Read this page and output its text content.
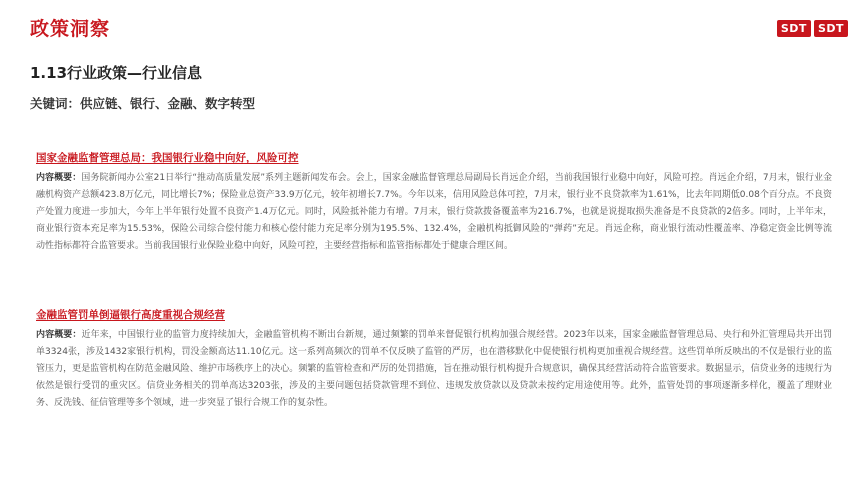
政策洞察	SDT	SDT
1.13行业政策—行业信息
关键词：供应链、银行、金融、数字转型
国家金融监督管理总局：我国银行业稳中向好，风险可控

内容概要：国务院新闻办公室21日举行“推动高质量发展”系列主题新闻发布会。会上，国家金融监督管理总局副局长肖远企介绍，当前我国银行业稳中向好，风险可控。肖远企介绍，7月末，银行业金融机构资产总额423.8万亿元，同比增长7%；保险业总资产33.9万亿元，较年初增长7.7%。今年以来，信用风险总体可控，7月末，银行业不良贷款率为1.61%，比去年同期低0.08个百分点。不良资产处置力度进一步加大，今年上半年银行处置不良资产1.4万亿元。同时，风险抵补能力有增。7月末，银行贷款拨备覆盖率为216.7%，也就是说提取损失准备是不良贷款的2倍多。同时，上半年末，商业银行资本充足率为15.53%，保险公司综合偿付能力和核心偿付能力充足率分别为195.5%、132.4%，金融机构抵御风险的“弹药”充足。肖远企称，商业银行流动性覆盖率、净稳定资金比例等流动性指标都符合监管要求。当前我国银行业保险业稳中向好，风险可控，主要经营指标和监管指标都处于健康合理区间。

金融监管罚单倒逼银行高度重视合规经营

内容概要：近年来，中国银行业的监管力度持续加大，金融监管机构不断出台新规，通过频繁的罚单来督促银行机构加强合规经营。2023年以来，国家金融监督管理总局、央行和外汇管理局共开出罚单3324张，涉及1432家银行机构，罚没金额高达11.10亿元。这一系列高频次的罚单不仅反映了监管的严厉，也在潜移默化中促使银行机构更加重视合规经营。这些罚单所反映出的不仅是银行业的监管压力，更是监管机构在防范金融风险、维护市场秩序上的决心。频繁的监管检查和严厉的处罚措施，旨在推动银行机构提升合规意识，确保其经营活动符合监管要求。数据显示，信贷业务的违规行为依然是银行受罚的重灾区。信贷业务相关的罚单高达3203张，涉及的主要问题包括贷款管理不到位、违规发放贷款以及贷款未按约定用途使用等。此外，监管处罚的事项逐渐多样化，覆盖了理财业务、反洗钱、征信管理等多个领域，进一步突显了银行合规工作的复杂性。
